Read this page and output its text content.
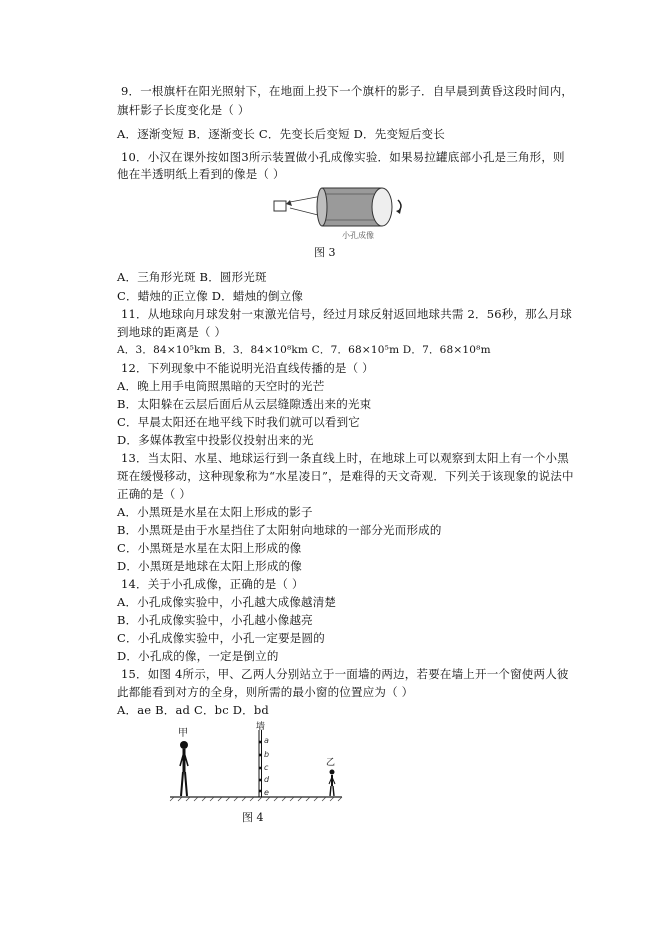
9．一根旗杆在阳光照射下，在地面上投下一个旗杆的影子．自早晨到黄昏这段时间内，
旗杆影子长度变化是（ ）
A．逐渐变短 B．逐渐变长 C．先变长后变短 D．先变短后变长
10．小汉在课外按如图3所示装置做小孔成像实验．如果易拉罐底部小孔是三角形，则
他在半透明纸上看到的像是（ ）
小孔成像
图 3
A．三角形光斑 B．圆形光斑
C．蜡烛的正立像 D．蜡烛的倒立像
11．从地球向月球发射一束激光信号，经过月球反射返回地球共需 2．56秒，那么月球
到地球的距离是（ ）
A．3．84×10⁵km B．3．84×10⁸km C．7．68×10⁵m D．7．68×10⁸m
12．下列现象中不能说明光沿直线传播的是（ ）
A．晚上用手电筒照黑暗的天空时的光芒
B．太阳躲在云层后面后从云层缝隙透出来的光束
C．早晨太阳还在地平线下时我们就可以看到它
D．多媒体教室中投影仪投射出来的光
13．当太阳、水星、地球运行到一条直线上时，在地球上可以观察到太阳上有一个小黑
斑在缓慢移动，这种现象称为“水星凌日”，是难得的天文奇观．下列关于该现象的说法中
正确的是（ ）
A．小黑斑是水星在太阳上形成的影子
B．小黑斑是由于水星挡住了太阳射向地球的一部分光而形成的
C．小黑斑是水星在太阳上形成的像
D．小黑斑是地球在太阳上形成的像
14．关于小孔成像，正确的是（ ）
A．小孔成像实验中，小孔越大成像越清楚
B．小孔成像实验中，小孔越小像越亮
C．小孔成像实验中，小孔一定要是圆的
D．小孔成的像，一定是倒立的
15．如图 4所示，甲、乙两人分别站立于一面墙的两边，若要在墙上开一个窗使两人彼
此都能看到对方的全身，则所需的最小窗的位置应为（ ）
A．ae B．ad C．bc D．bd
甲
墙
a
b
c
d
e
乙
图 4
